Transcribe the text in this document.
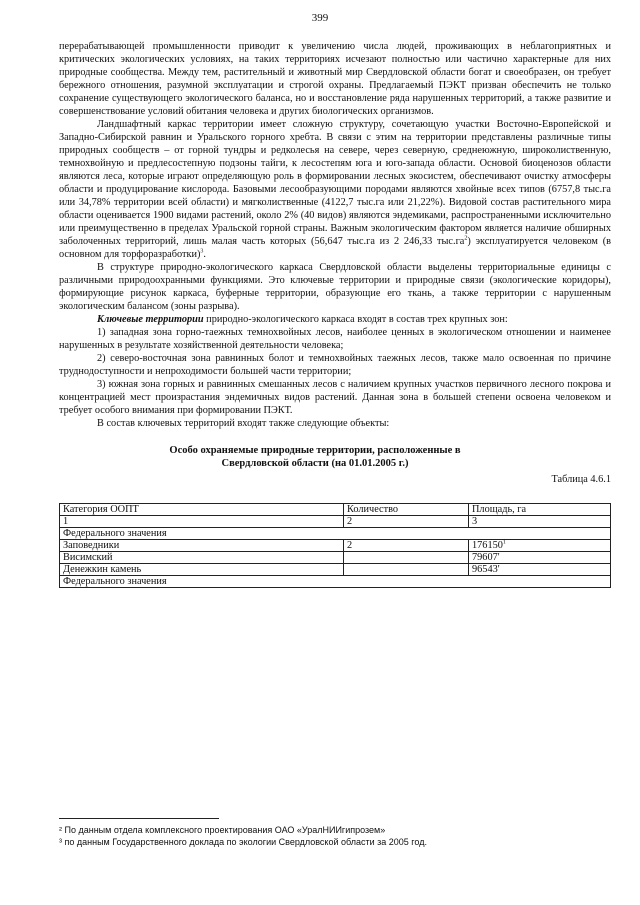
399

перерабатывающей промышленности приводит к увеличению числа людей, проживающих в неблагоприятных и критических экологических условиях, на таких территориях исчезают полностью или частично характерные для них природные сообщества. Между тем, растительный и животный мир Свердловской области богат и своеобразен, он требует бережного отношения, разумной эксплуатации и строгой охраны. Предлагаемый ПЭКТ призван обеспечить не только сохранение существующего экологического баланса, но и восстановление ряда нарушенных территорий, а также развитие и совершенствование условий обитания человека и других биологических организмов.

Ландшафтный каркас территории имеет сложную структуру, сочетающую участки Восточно-Европейской и Западно-Сибирской равнин и Уральского горного хребта. В связи с этим на территории представлены различные типы природных сообществ – от горной тундры и редколесья на севере, через северную, среднеюжную, широколиственную, темнохвойную и предлесостепную подзоны тайги, к лесостепям юга и юго-запада области. Основой биоценозов области являются леса, которые играют определяющую роль в формировании лесных экосистем, обеспечивают очистку атмосферы области и продуцирование кислорода. Базовыми лесообразующими породами являются хвойные всех типов (6757,8 тыс.га или 34,78% территории всей области) и мягколиственные (4122,7 тыс.га или 21,22%). Видовой состав растительного мира области оценивается 1900 видами растений, около 2% (40 видов) являются эндемиками, распространенными исключительно или преимущественно в пределах Уральской горной страны. Важным экологическим фактором является наличие обширных заболоченных территорий, лишь малая часть которых (56,647 тыс.га из 2 246,33 $тыс.га^2$) эксплуатируется человеком (в основном для торфоразработки)$^3$.

В структуре природно-экологического каркаса Свердловской области выделены территориальные единицы с различными природоохранными функциями. Это ключевые территории и природные связи (экологические коридоры), формирующие рисунок каркаса, буферные территории, образующие его ткань, а также территории с нарушенным экологическим балансом (зоны разрыва).

Ключевые территории природно-экологического каркаса входят в состав трех крупных зон:

1) западная зона горно-таежных темнохвойных лесов, наиболее ценных в экологическом отношении и наименее нарушенных в результате хозяйственной деятельности человека;

2) северо-восточная зона равнинных болот и темнохвойных таежных лесов, также мало освоенная по причине труднодоступности и непроходимости большей части территории;

3) южная зона горных и равнинных смешанных лесов с наличием крупных участков первичного лесного покрова и концентрацией мест произрастания эндемичных видов растений. Данная зона в большей степени освоена человеком и требует особого внимания при формировании ПЭКТ.

В состав ключевых территорий входят также следующие объекты:

Особо охраняемые природные территории, расположенные в
Свердловской области (на 01.01.2005 г.)
Таблица 4.6.1
Категория ООПТ	Количество	Площадь, га
1	2	3
Федерального значения		
Заповедники	2	176150$^1$
Висимский		79607'
Денежкин камень		96543'
Федерального значения		

² По данным отдела комплексного проектирования ОАО «УралНИИгипрозем»

³ по данным Государственного доклада по экологии Свердловской области за 2005 год.
